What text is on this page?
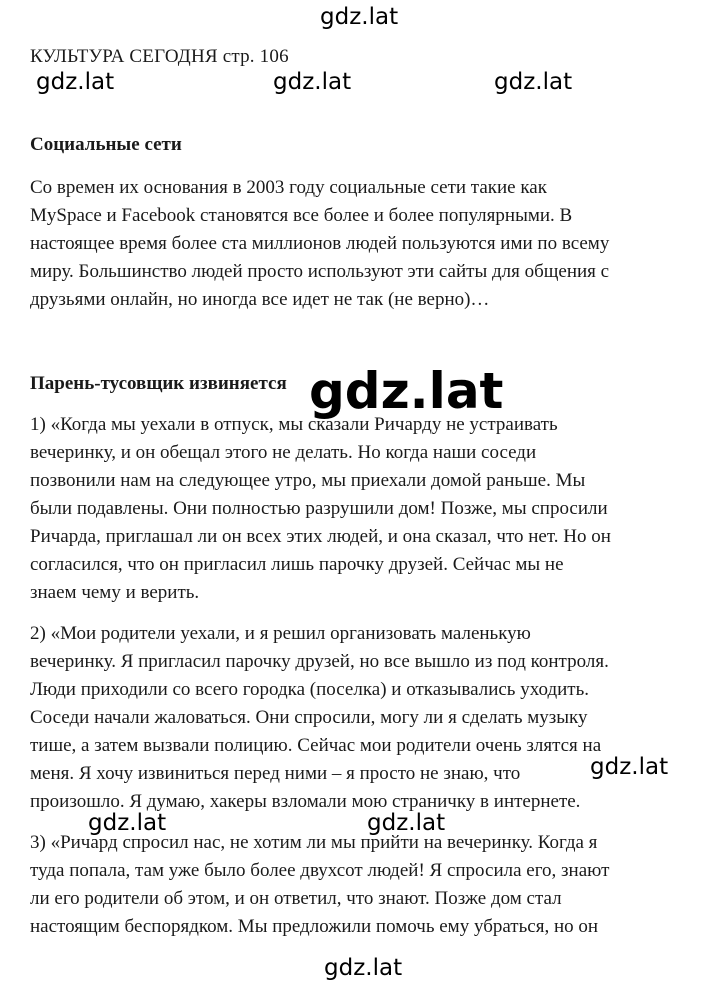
КУЛЬТУРА СЕГОДНЯ стр. 106
Социальные сети

Со времен их основания в 2003 году социальные сети такие как
MySpace и Facebook становятся все более и более популярными. В
настоящее время более ста миллионов людей пользуются ими по всему
миру. Большинство людей просто используют эти сайты для общения с
друзьями онлайн, но иногда все идет не так (не верно)…

Парень-тусовщик извиняется

1) «Когда мы уехали в отпуск, мы сказали Ричарду не устраивать
вечеринку, и он обещал этого не делать. Но когда наши соседи
позвонили нам на следующее утро, мы приехали домой раньше. Мы
были подавлены. Они полностью разрушили дом! Позже, мы спросили
Ричарда, приглашал ли он всех этих людей, и она сказал, что нет. Но он
согласился, что он пригласил лишь парочку друзей. Сейчас мы не
знаем чему и верить.

2) «Мои родители уехали, и я решил организовать маленькую
вечеринку. Я пригласил парочку друзей, но все вышло из под контроля.
Люди приходили со всего городка (поселка) и отказывались уходить.
Соседи начали жаловаться. Они спросили, могу ли я сделать музыку
тише, а затем вызвали полицию. Сейчас мои родители очень злятся на
меня. Я хочу извиниться перед ними – я просто не знаю, что
произошло. Я думаю, хакеры взломали мою страничку в интернете.

3) «Ричард спросил нас, не хотим ли мы прийти на вечеринку. Когда я
туда попала, там уже было более двухсот людей! Я спросила его, знают
ли его родители об этом, и он ответил, что знают. Позже дом стал
настоящим беспорядком. Мы предложили помочь ему убраться, но он

gdz.lat
gdz.lat	gdz.lat	gdz.lat
gdz.lat
gdz.lat
gdz.lat	gdz.lat
gdz.lat
